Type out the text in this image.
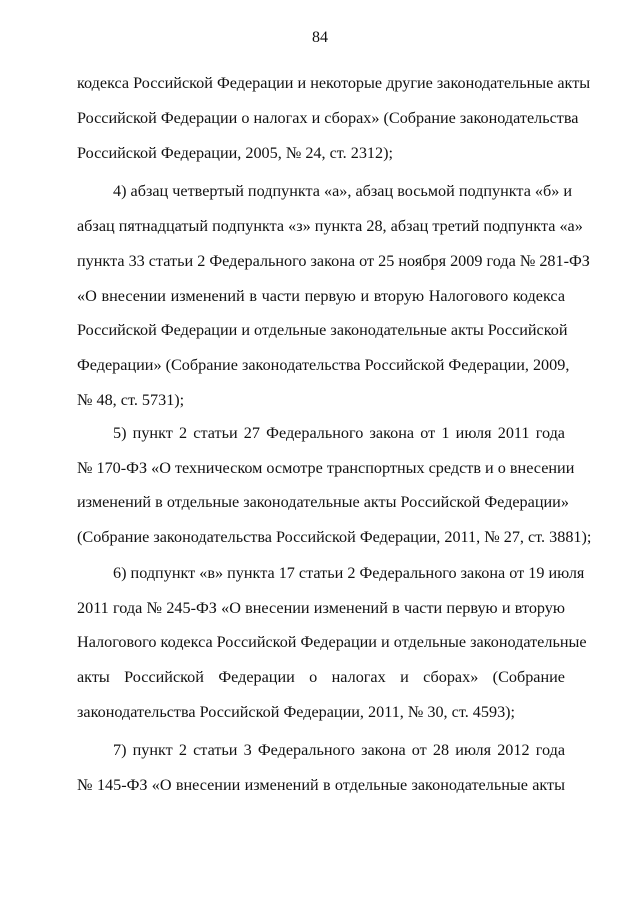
84
кодекса Российской Федерации и некоторые другие законодательные акты
Российской Федерации о налогах и сборах» (Собрание законодательства
Российской Федерации, 2005, № 24, ст. 2312);
4) абзац четвертый подпункта «а», абзац восьмой подпункта «б» и
абзац пятнадцатый подпункта «з» пункта 28, абзац третий подпункта «а»
пункта 33 статьи 2 Федерального закона от 25 ноября 2009 года № 281-ФЗ
«О внесении изменений в части первую и вторую Налогового кодекса
Российской Федерации и отдельные законодательные акты Российской
Федерации» (Собрание законодательства Российской Федерации, 2009,
№ 48, ст. 5731);
5) пункт 2 статьи 27 Федерального закона от 1 июля 2011 года
№ 170-ФЗ «О техническом осмотре транспортных средств и о внесении
изменений в отдельные законодательные акты Российской Федерации»
(Собрание законодательства Российской Федерации, 2011, № 27, ст. 3881);
6) подпункт «в» пункта 17 статьи 2 Федерального закона от 19 июля
2011 года № 245-ФЗ «О внесении изменений в части первую и вторую
Налогового кодекса Российской Федерации и отдельные законодательные
акты Российской Федерации о налогах и сборах» (Собрание
законодательства Российской Федерации, 2011, № 30, ст. 4593);
7) пункт 2 статьи 3 Федерального закона от 28 июля 2012 года
№ 145-ФЗ «О внесении изменений в отдельные законодательные акты
